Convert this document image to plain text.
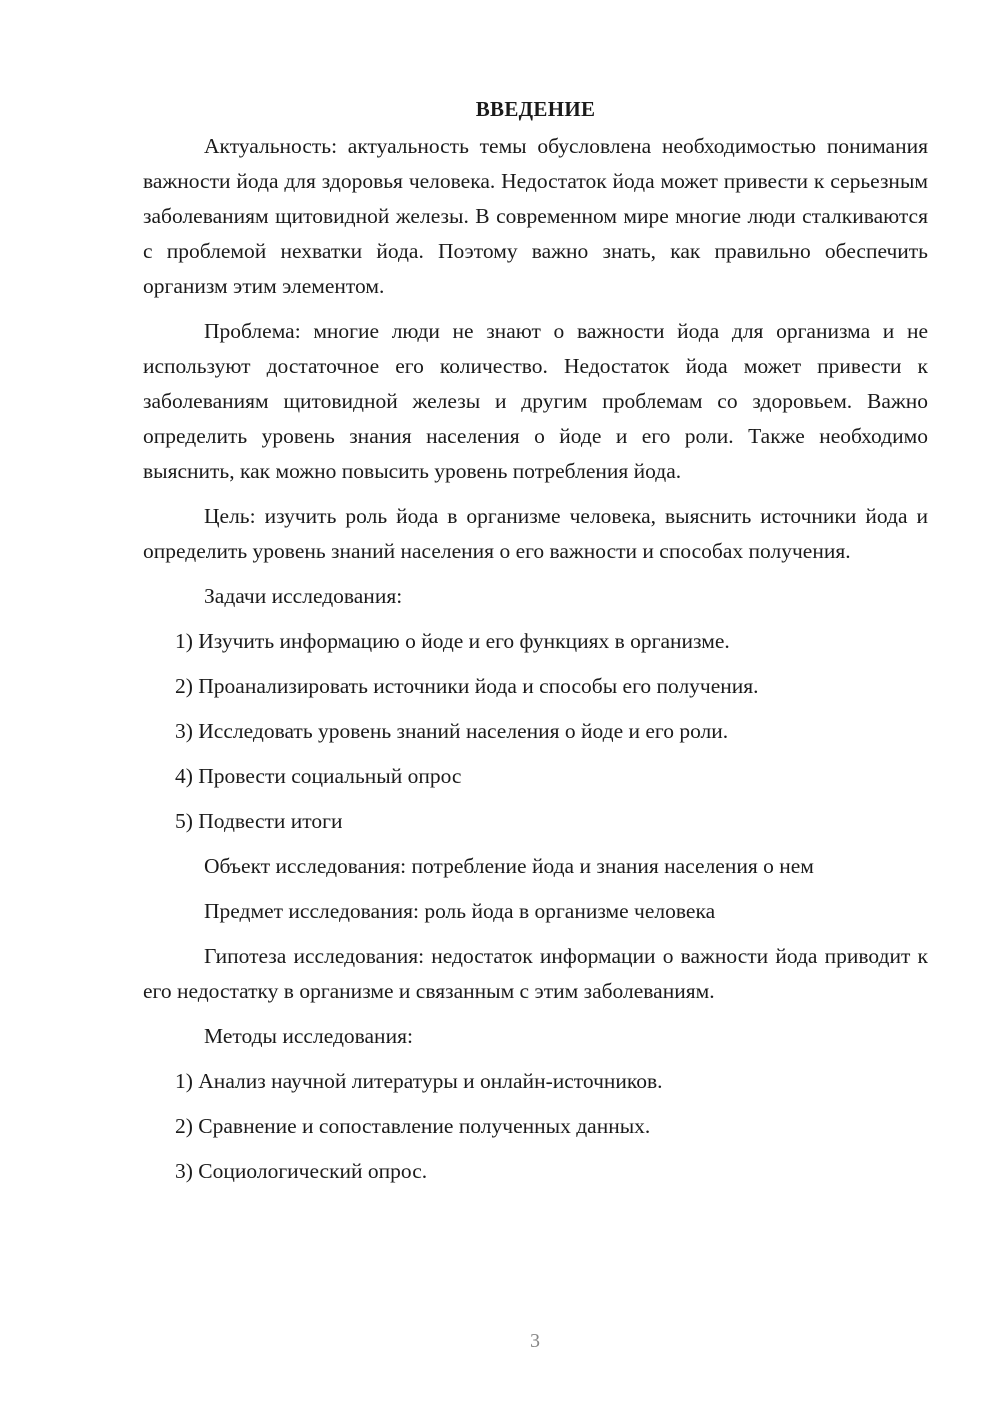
ВВЕДЕНИЕ

Актуальность: актуальность темы обусловлена необходимостью понимания важности йода для здоровья человека. Недостаток йода может привести к серьезным заболеваниям щитовидной железы. В современном мире многие люди сталкиваются с проблемой нехватки йода. Поэтому важно знать, как правильно обеспечить организм этим элементом.

Проблема: многие люди не знают о важности йода для организма и не используют достаточное его количество. Недостаток йода может привести к заболеваниям щитовидной железы и другим проблемам со здоровьем. Важно определить уровень знания населения о йоде и его роли. Также необходимо выяснить, как можно повысить уровень потребления йода.

Цель: изучить роль йода в организме человека, выяснить источники йода и определить уровень знаний населения о его важности и способах получения.

Задачи исследования:

1) Изучить информацию о йоде и его функциях в организме.

2) Проанализировать источники йода и способы его получения.

3) Исследовать уровень знаний населения о йоде и его роли.

4) Провести социальный опрос

5) Подвести итоги

Объект исследования: потребление йода и знания населения о нем

Предмет исследования: роль йода в организме человека

Гипотеза исследования: недостаток информации о важности йода приводит к его недостатку в организме и связанным с этим заболеваниям.

Методы исследования:

1) Анализ научной литературы и онлайн-источников.

2) Сравнение и сопоставление полученных данных.

3) Социологический опрос.

3
